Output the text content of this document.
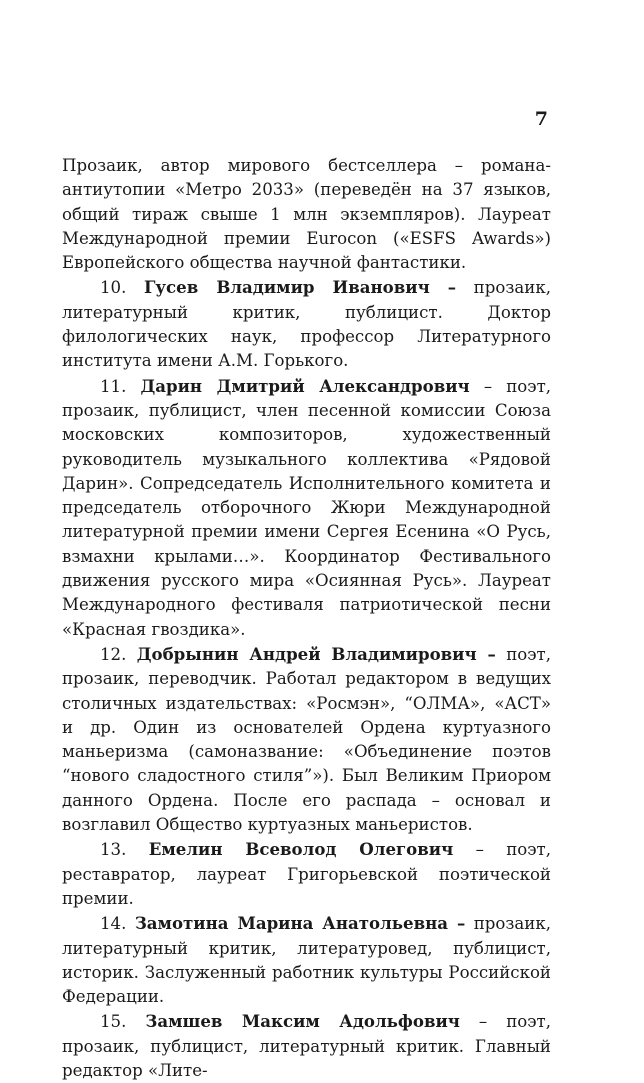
7

Прозаик, автор мирового бестселлера – романа-антиутопии «Метро 2033» (переведён на 37 языков, общий тираж свыше 1 млн экземпляров). Лауреат Международной премии Eurocon («ESFS Awards») Европейского общества научной фантастики.

10. Гусев Владимир Иванович – прозаик, литературный критик, публицист. Доктор филологических наук, профессор Литературного института имени А.М. Горького.

11. Дарин Дмитрий Александрович – поэт, прозаик, публицист, член песенной комиссии Союза московских композиторов, художественный руководитель музыкального коллектива «Рядовой Дарин». Сопредседатель Исполнительного комитета и председатель отборочного Жюри Международной литературной премии имени Сергея Есенина «О Русь, взмахни крылами…». Координатор Фестивального движения русского мира «Осиянная Русь». Лауреат Международного фестиваля патриотической песни «Красная гвоздика».

12. Добрынин Андрей Владимирович – поэт, прозаик, переводчик. Работал редактором в ведущих столичных издательствах: «Росмэн», “ОЛМА», «АСТ» и др. Один из основателей Ордена куртуазного маньеризма (самоназвание: «Объединение поэтов “нового сладостного стиля”»). Был Великим Приором данного Ордена. После его распада – основал и возглавил Общество куртуазных маньеристов.

13. Емелин Всеволод Олегович – поэт, реставратор, лауреат Григорьевской поэтической премии.

14. Замотина Марина Анатольевна – прозаик, литературный критик, литературовед, публицист, историк. Заслуженный работник культуры Российской Федерации.

15. Замшев Максим Адольфович – поэт, прозаик, публицист, литературный критик. Главный редактор «Лите-
